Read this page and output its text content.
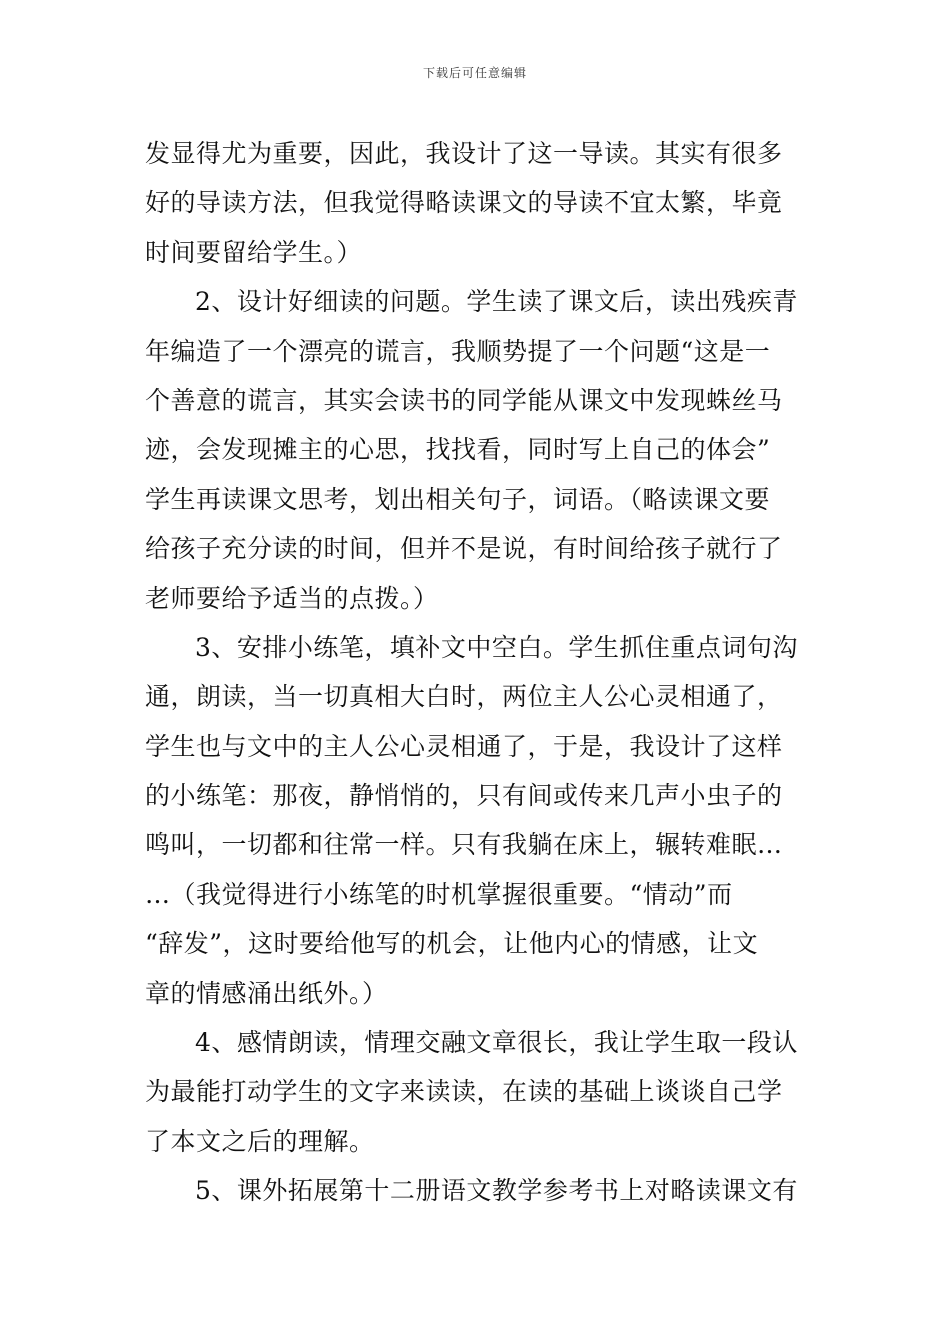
下载后可任意编辑
发显得尤为重要，因此，我设计了这一导读。其实有很多
好的导读方法，但我觉得略读课文的导读不宜太繁，毕竟
时间要留给学生。）
2、设计好细读的问题。学生读了课文后，读出残疾青
年编造了一个漂亮的谎言，我顺势提了一个问题“这是一
个善意的谎言，其实会读书的同学能从课文中发现蛛丝马
迹，会发现摊主的心思，找找看，同时写上自己的体会”
学生再读课文思考，划出相关句子，词语。（略读课文要
给孩子充分读的时间，但并不是说，有时间给孩子就行了
老师要给予适当的点拨。）
3、安排小练笔，填补文中空白。学生抓住重点词句沟
通，朗读，当一切真相大白时，两位主人公心灵相通了，
学生也与文中的主人公心灵相通了，于是，我设计了这样
的小练笔：那夜，静悄悄的，只有间或传来几声小虫子的
鸣叫，一切都和往常一样。只有我躺在床上，辗转难眠…
…（我觉得进行小练笔的时机掌握很重要。“情动”而
“辞发”，这时要给他写的机会，让他内心的情感，让文
章的情感涌出纸外。）
4、感情朗读，情理交融文章很长，我让学生取一段认
为最能打动学生的文字来读读，在读的基础上谈谈自己学
了本文之后的理解。
5、课外拓展第十二册语文教学参考书上对略读课文有
